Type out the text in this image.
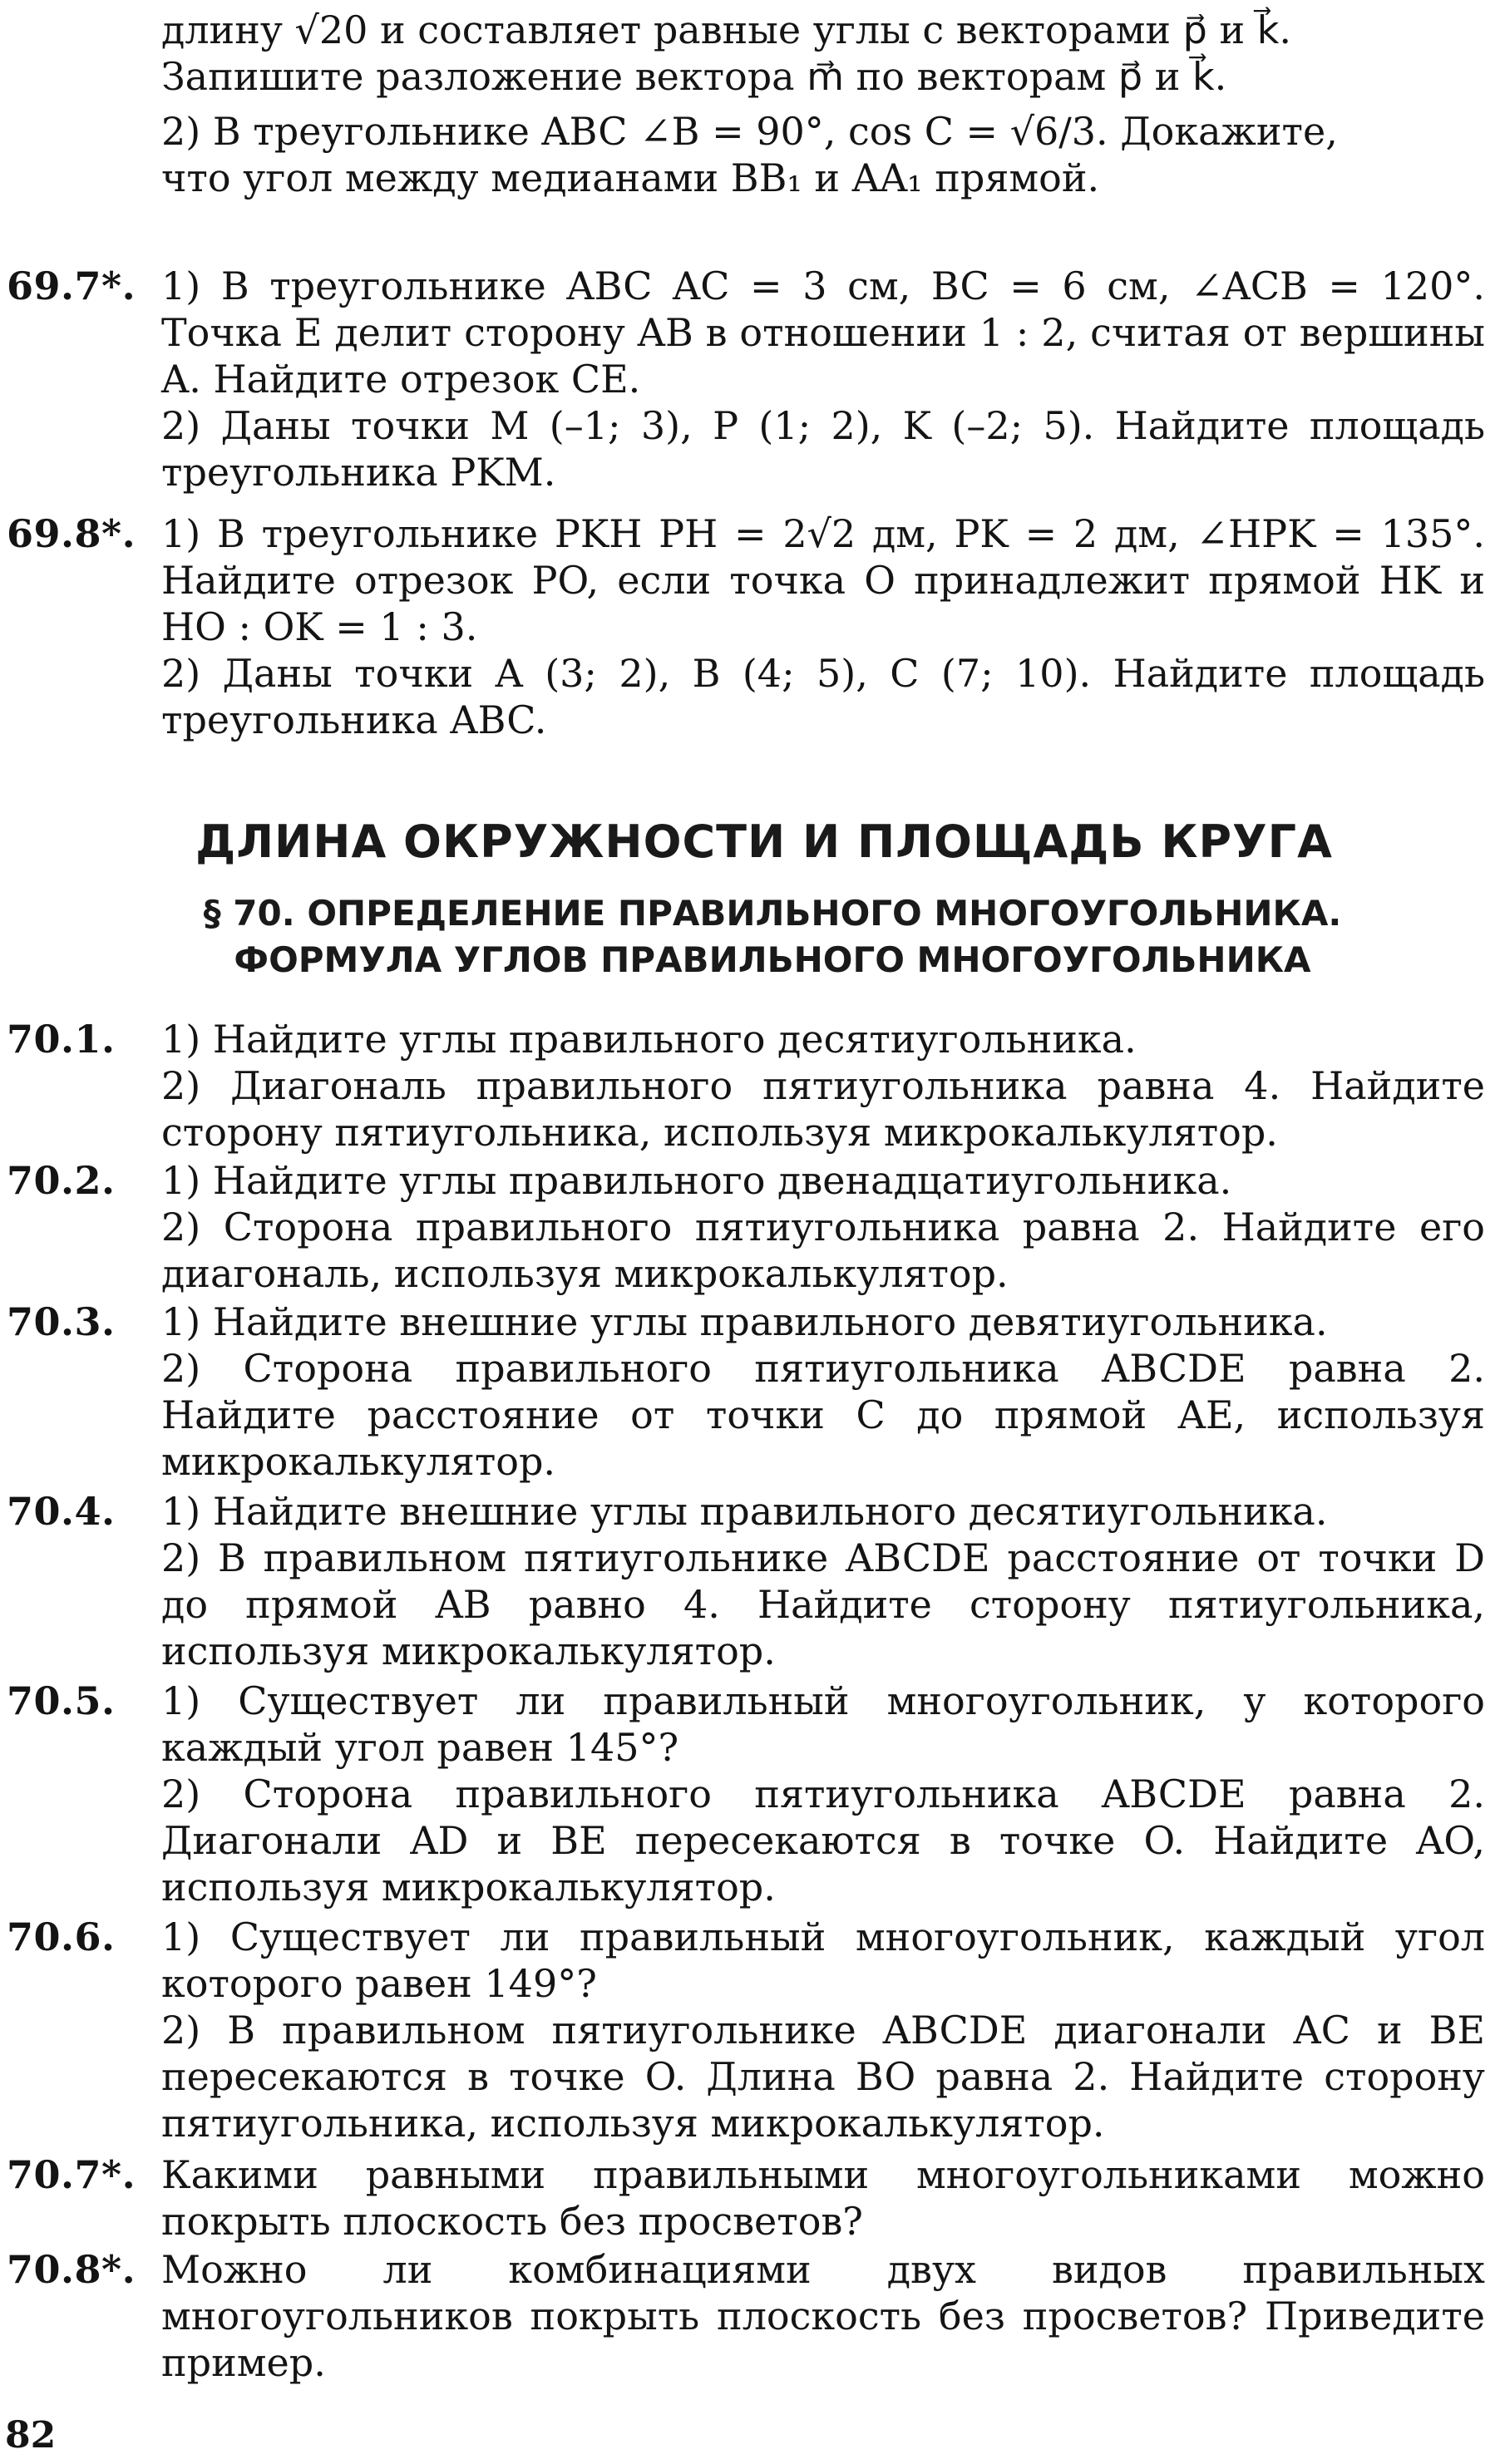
длину √20 и составляет равные углы с векторами p⃗ и k⃗.

Запишите разложение вектора m⃗ по векторам p⃗ и k⃗.

2) В треугольнике ABC ∠B = 90°, cos C = √6/3. Докажите,

что угол между медианами BB₁ и AA₁ прямой.

69.7*. 1) В треугольнике ABC AC = 3 см, BC = 6 см, ∠ACB = 120°. Точка E делит сторону AB в отношении 1 : 2, считая от вершины A. Найдите отрезок CE.

2) Даны точки M (–1; 3), P (1; 2), K (–2; 5). Найдите площадь треугольника PKM.

69.8*. 1) В треугольнике PKH PH = 2√2 дм, PK = 2 дм, ∠HPK = 135°. Найдите отрезок PO, если точка O принадлежит прямой HK и HO : OK = 1 : 3.

2) Даны точки A (3; 2), B (4; 5), C (7; 10). Найдите площадь треугольника ABC.

ДЛИНА ОКРУЖНОСТИ И ПЛОЩАДЬ КРУГА
§ 70. ОПРЕДЕЛЕНИЕ ПРАВИЛЬНОГО МНОГОУГОЛЬНИКА.
ФОРМУЛА УГЛОВ ПРАВИЛЬНОГО МНОГОУГОЛЬНИКА
70.1. 1) Найдите углы правильного десятиугольника.

2) Диагональ правильного пятиугольника равна 4. Найдите сторону пятиугольника, используя микрокалькулятор.

70.2. 1) Найдите углы правильного двенадцатиугольника.

2) Сторона правильного пятиугольника равна 2. Найдите его диагональ, используя микрокалькулятор.

70.3. 1) Найдите внешние углы правильного девятиугольника.

2) Сторона правильного пятиугольника ABCDE равна 2. Найдите расстояние от точки C до прямой AE, используя микрокалькулятор.

70.4. 1) Найдите внешние углы правильного десятиугольника.

2) В правильном пятиугольнике ABCDE расстояние от точки D до прямой AB равно 4. Найдите сторону пятиугольника, используя микрокалькулятор.

70.5. 1) Существует ли правильный многоугольник, у которого каждый угол равен 145°?

2) Сторона правильного пятиугольника ABCDE равна 2. Диагонали AD и BE пересекаются в точке O. Найдите AO, используя микрокалькулятор.

70.6. 1) Существует ли правильный многоугольник, каждый угол которого равен 149°?

2) В правильном пятиугольнике ABCDE диагонали AC и BE пересекаются в точке O. Длина BO равна 2. Найдите сторону пятиугольника, используя микрокалькулятор.

70.7*. Какими равными правильными многоугольниками можно покрыть плоскость без просветов?

70.8*. Можно ли комбинациями двух видов правильных многоугольников покрыть плоскость без просветов? Приведите пример.

82
